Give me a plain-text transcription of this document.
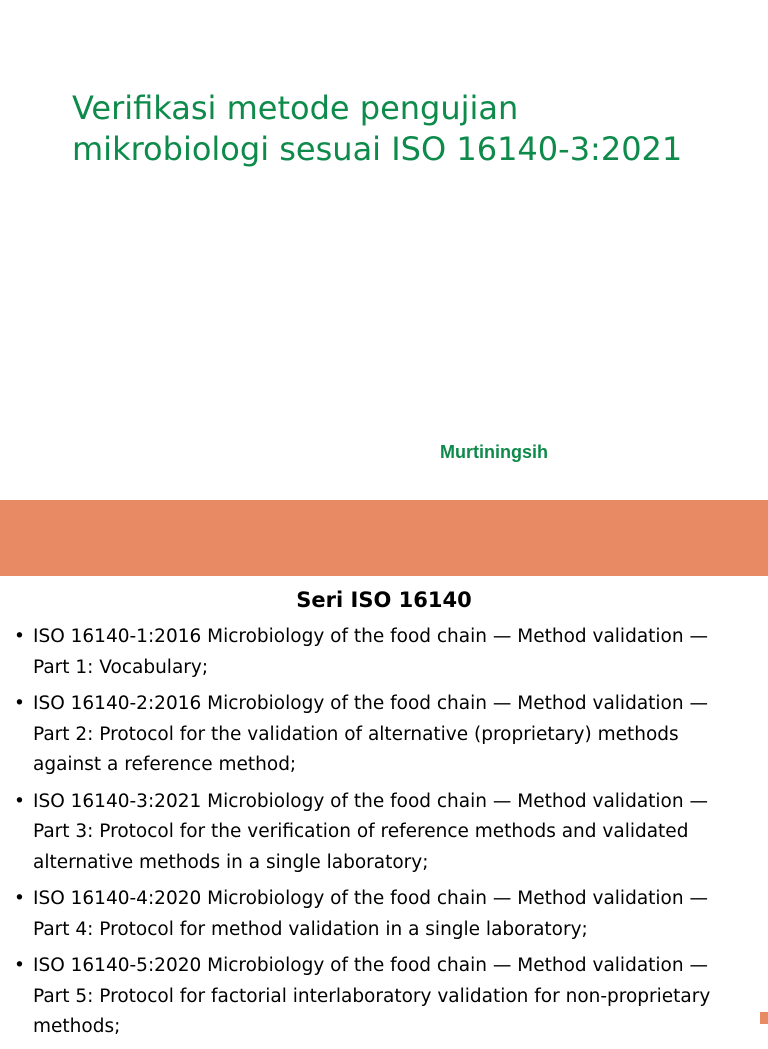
Verifikasi metode pengujian mikrobiologi sesuai ISO 16140-3:2021

Murtiningsih

Seri ISO 16140
• ISO 16140-1:2016 Microbiology of the food chain — Method validation — Part 1: Vocabulary;
• ISO 16140-2:2016 Microbiology of the food chain — Method validation — Part 2: Protocol for the validation of alternative (proprietary) methods against a reference method;
• ISO 16140-3:2021 Microbiology of the food chain — Method validation — Part 3: Protocol for the verification of reference methods and validated alternative methods in a single laboratory;
• ISO 16140-4:2020 Microbiology of the food chain — Method validation — Part 4: Protocol for method validation in a single laboratory;
• ISO 16140-5:2020 Microbiology of the food chain — Method validation — Part 5: Protocol for factorial interlaboratory validation for non-proprietary methods;
